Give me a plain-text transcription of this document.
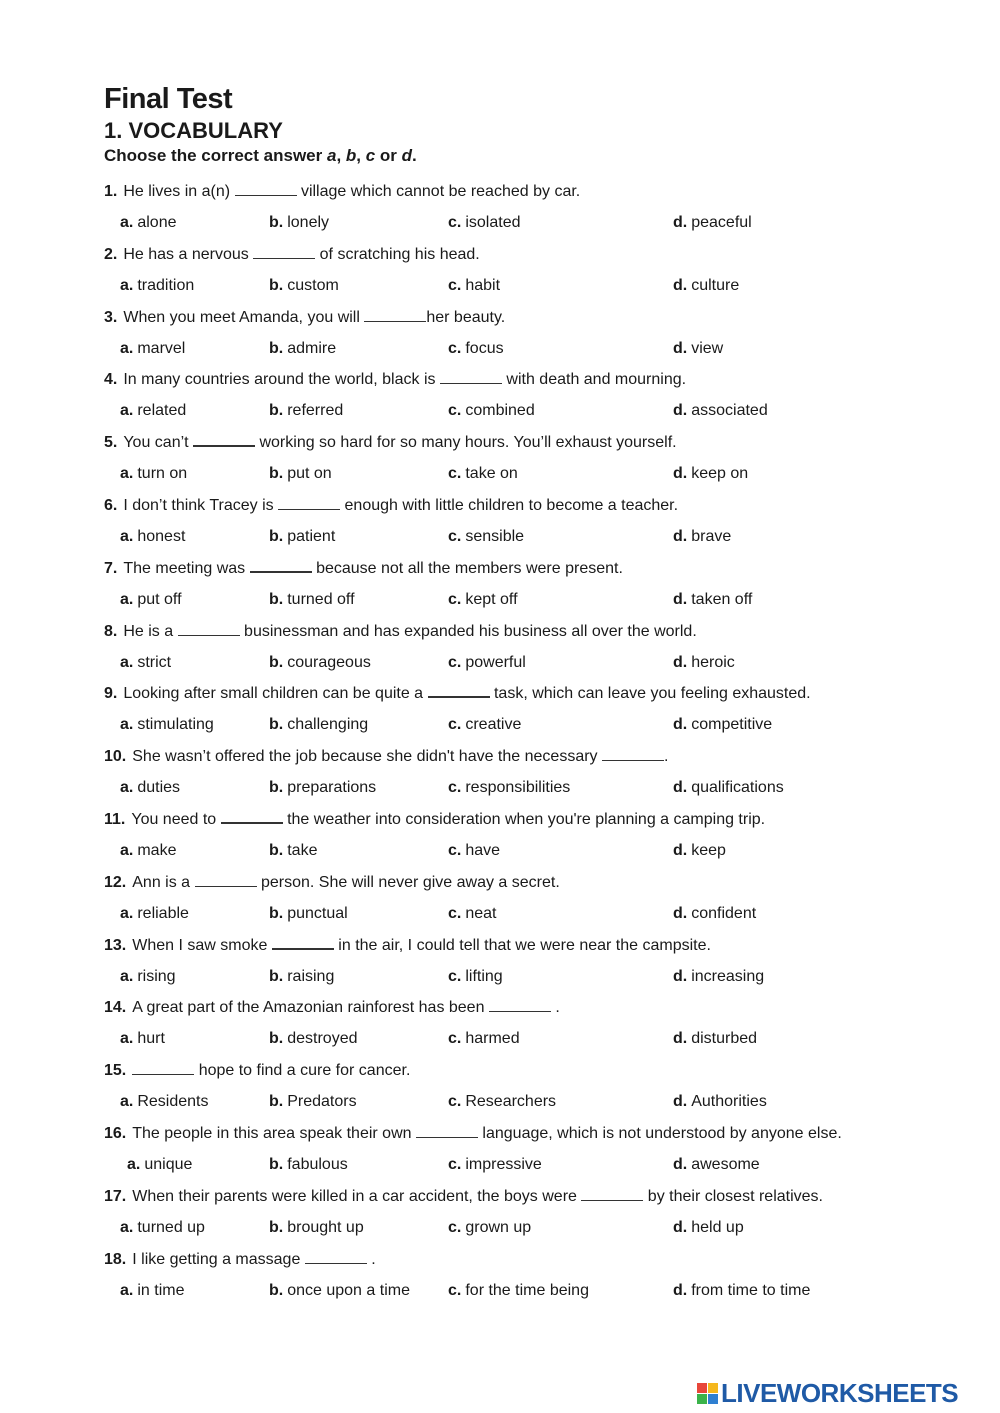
Final Test
1. VOCABULARY
Choose the correct answer a, b, c or d.
1. He lives in a(n)	village which cannot be reached by car.
a. alone	b. lonely	c. isolated	d. peaceful
2. He has a nervous	of scratching his head.
a. tradition	b. custom	c. habit	d. culture
3. When you meet Amanda, you will	her beauty.
a. marvel	b. admire	c. focus	d. view
4. In many countries around the world, black is	with death and mourning.
a. related	b. referred	c. combined	d. associated
5. You can’t	working so hard for so many hours. You’ll exhaust yourself.
a. turn on	b. put on	c. take on	d. keep on
6. I don’t think Tracey is	enough with little children to become a teacher.
a. honest	b. patient	c. sensible	d. brave
7. The meeting was	because not all the members were present.
a. put off	b. turned off	c. kept off	d. taken off
8. He is a	businessman and has expanded his business all over the world.
a. strict	b. courageous	c. powerful	d. heroic
9. Looking after small children can be quite a	task, which can leave you feeling exhausted.
a. stimulating	b. challenging	c. creative	d. competitive
10. She wasn’t offered the job because she didn't have the necessary	.
a. duties	b. preparations	c. responsibilities	d. qualifications
11. You need to	the weather into consideration when you're planning a camping trip.
a. make	b. take	c. have	d. keep
12. Ann is a	person. She will never give away a secret.
a. reliable	b. punctual	c. neat	d. confident
13. When I saw smoke	in the air, I could tell that we were near the campsite.
a. rising	b. raising	c. lifting	d. increasing
14. A great part of the Amazonian rainforest has been	.
a. hurt	b. destroyed	c. harmed	d. disturbed
15.	hope to find a cure for cancer.
a. Residents	b. Predators	c. Researchers	d. Authorities
16. The people in this area speak their own	language, which is not understood by anyone else.
a. unique	b. fabulous	c. impressive	d. awesome
17. When their parents were killed in a car accident, the boys were	by their closest relatives.
a. turned up	b. brought up	c. grown up	d. held up
18. I like getting a massage	.
a. in time	b. once upon a time c. for the time being	d. from time to time
LIVEWORKSHEETS
